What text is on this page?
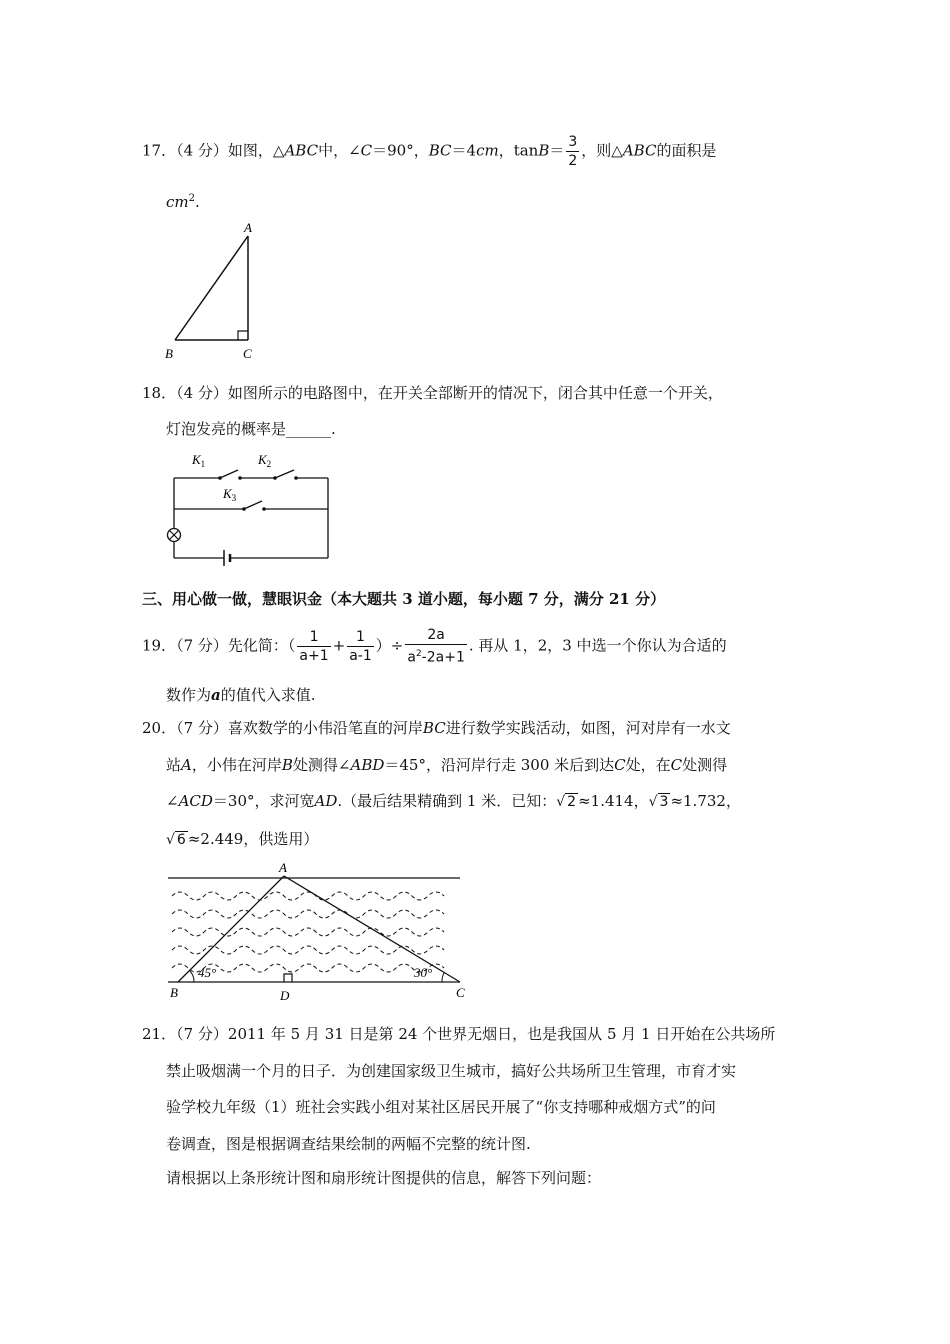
17．（4 分）如图，△ABC中，∠C＝90°，BC＝4cm，$\tan B= \frac{3}{2}$ ，则△ABC的面积是
$cm^2$.
A
B	C
18．（4 分）如图所示的电路图中，在开关全部断开的情况下，闭合其中任意一个开关，
灯泡发亮的概率是______.
$K_1$	$K_2$
$K_3$
三、用心做一做，慧眼识金（本大题共 3 道小题，每小题 7 分，满分 21 分）
19．（7 分）先化简：（ $\frac{1}{a+1} + \frac{1}{a-1}$ ）÷ $\frac{2a}{a^2-2a+1}$ . 再从 1，2，3 中选一个你认为合适的
数作为a的值代入求值.
20．（7 分）喜欢数学的小伟沿笔直的河岸BC进行数学实践活动，如图，河对岸有一水文
站A，小伟在河岸B处测得∠ABD＝45°，沿河岸行走 300 米后到达C处，在C处测得
∠ACD＝30°，求河宽AD.（最后结果精确到 1 米．已知：√ 2 ≈1.414，√ 3 ≈1.732，
√ 6 ≈2.449，供选用）
A
B	D	C
45°	30°
21．（7 分）2011 年 5 月 31 日是第 24 个世界无烟日，也是我国从 5 月 1 日开始在公共场所
禁止吸烟满一个月的日子．为创建国家级卫生城市，搞好公共场所卫生管理，市育才实
验学校九年级（1）班社会实践小组对某社区居民开展了“你支持哪种戒烟方式”的问
卷调查，图是根据调查结果绘制的两幅不完整的统计图.
请根据以上条形统计图和扇形统计图提供的信息，解答下列问题：
